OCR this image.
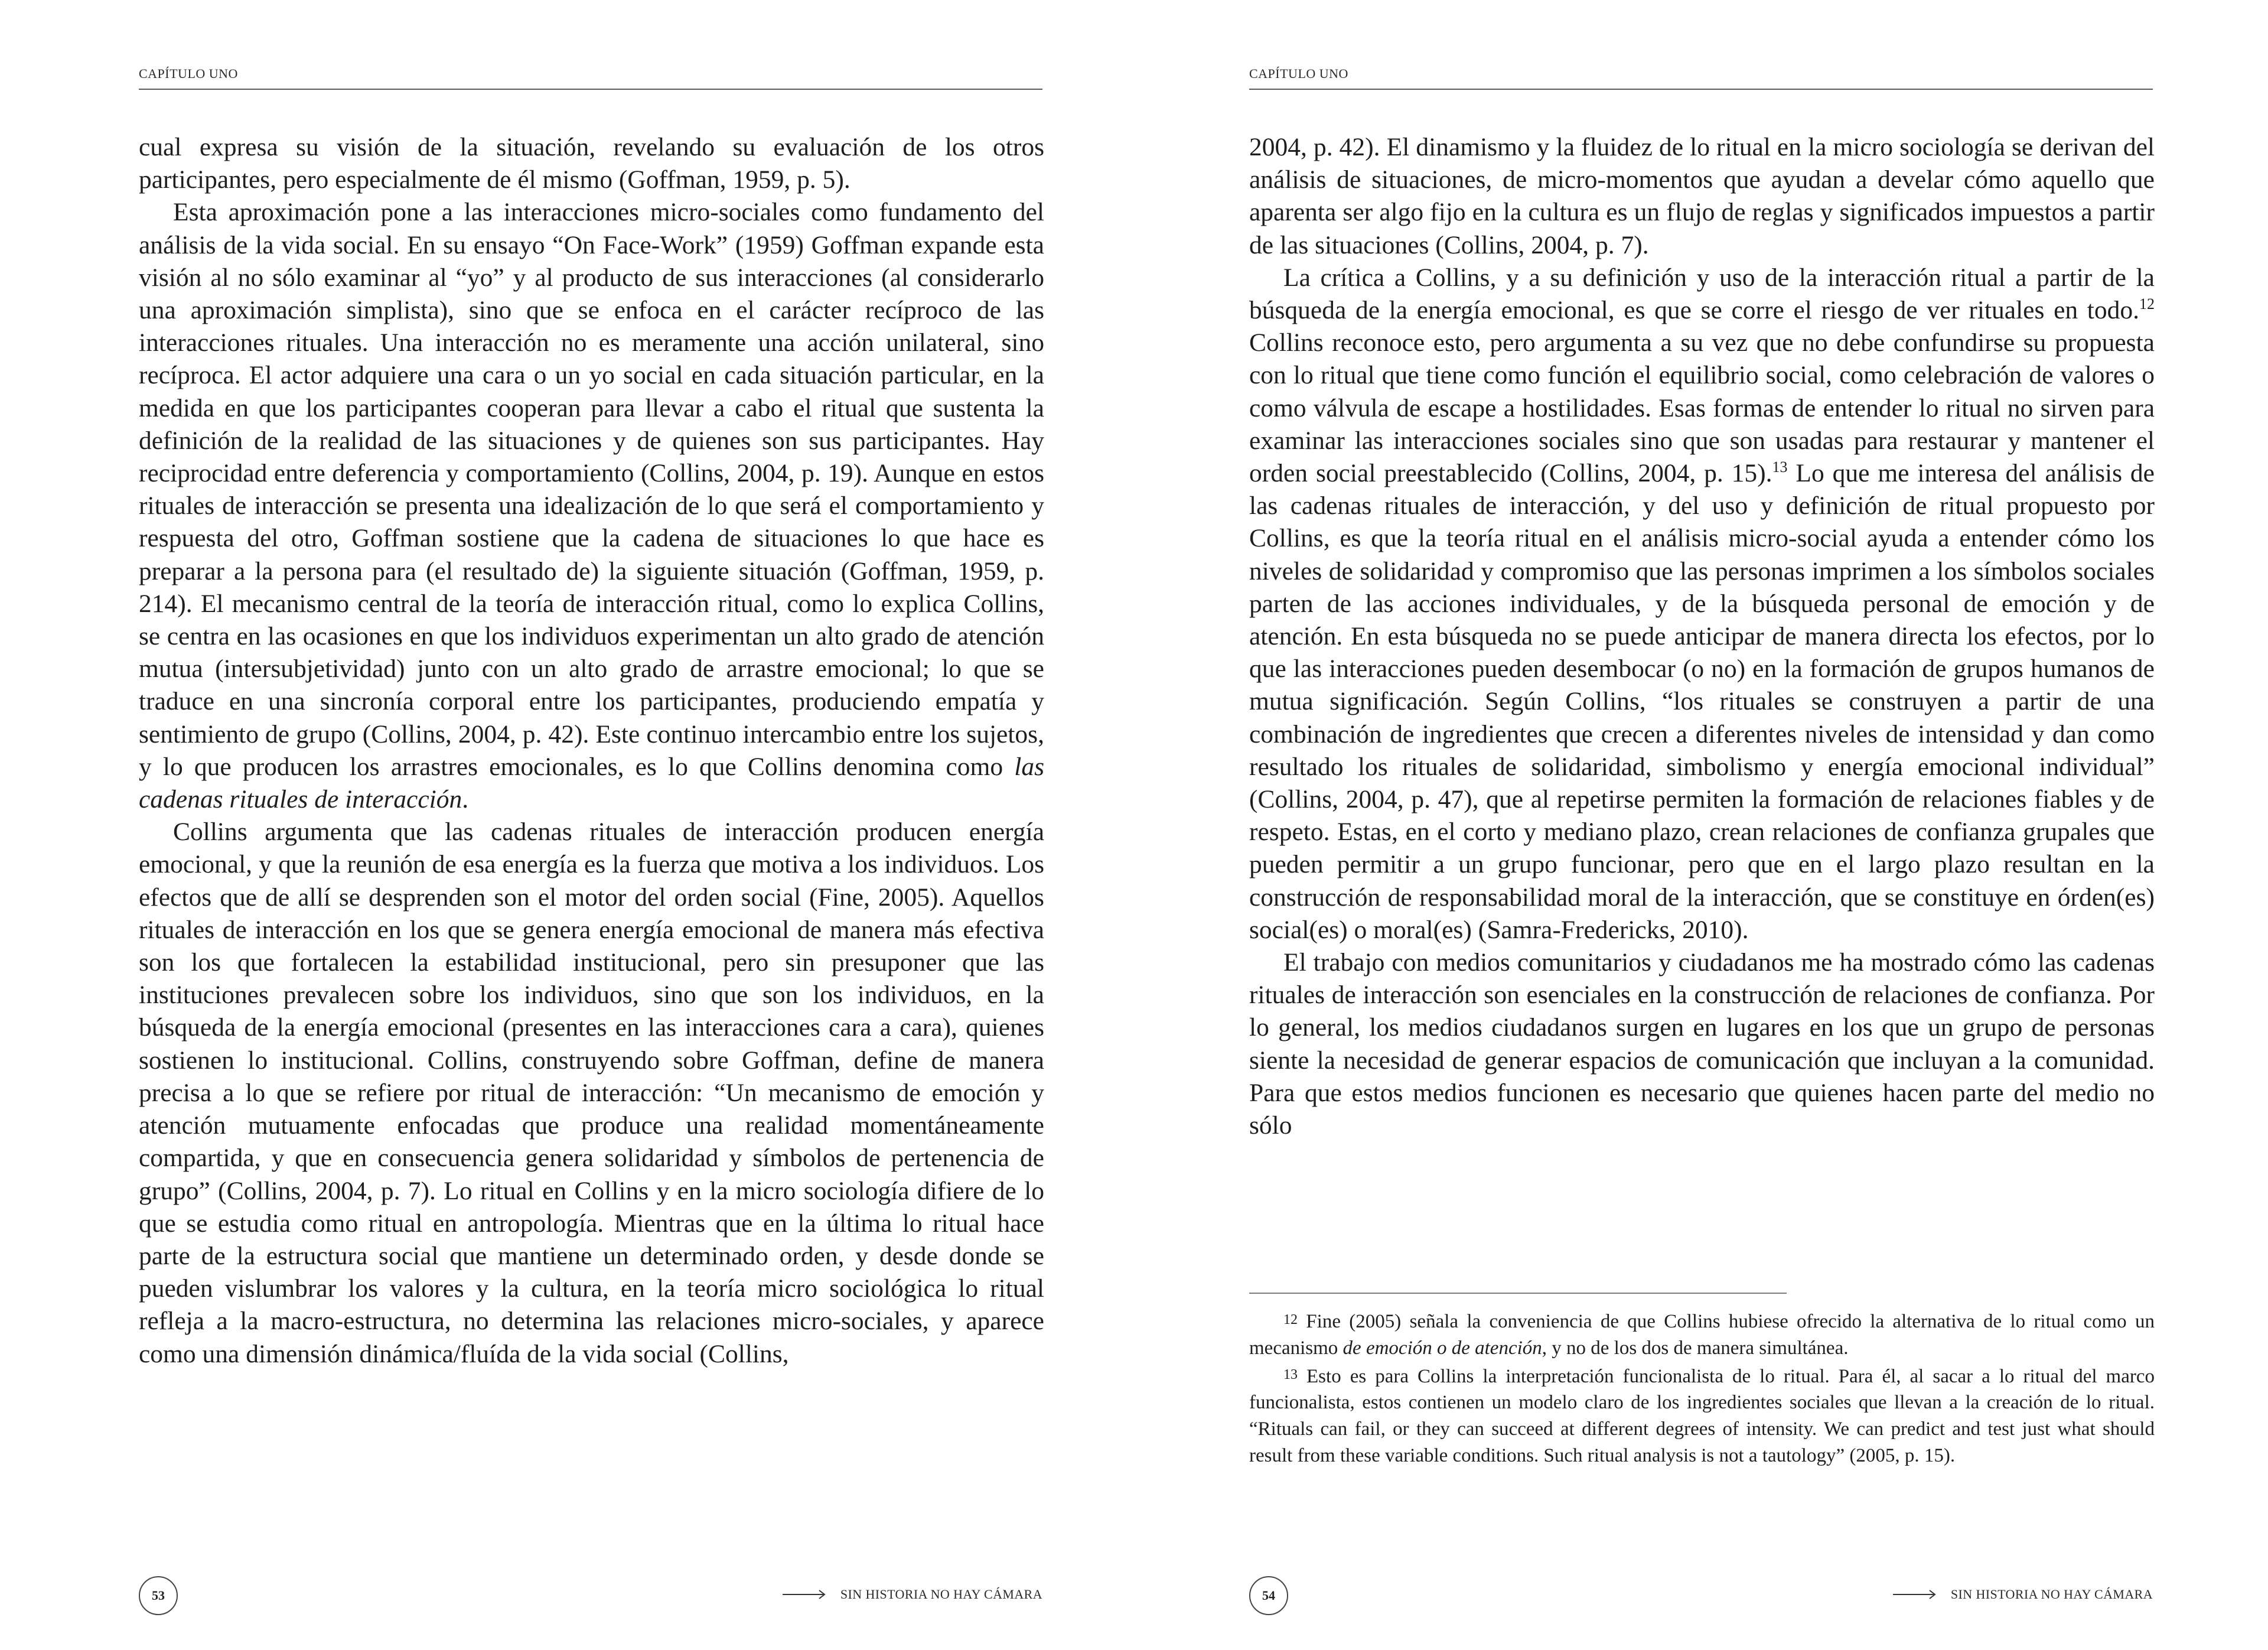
CAPÍTULO UNO

cual expresa su visión de la situación, revelando su evaluación de los otros participantes, pero especialmente de él mismo (Goffman, 1959, p. 5).

Esta aproximación pone a las interacciones micro-sociales como fundamento del análisis de la vida social. En su ensayo “On Face-Work” (1959) Goffman expande esta visión al no sólo examinar al “yo” y al producto de sus interacciones (al considerarlo una aproximación simplista), sino que se enfoca en el carácter recíproco de las interacciones rituales. Una interacción no es meramente una acción unilateral, sino recíproca. El actor adquiere una cara o un yo social en cada situación particular, en la medida en que los participantes cooperan para llevar a cabo el ritual que sustenta la definición de la realidad de las situaciones y de quienes son sus participantes. Hay reciprocidad entre deferencia y comportamiento (Collins, 2004, p. 19). Aunque en estos rituales de interacción se presenta una idealización de lo que será el comportamiento y respuesta del otro, Goffman sostiene que la cadena de situaciones lo que hace es preparar a la persona para (el resultado de) la siguiente situación (Goffman, 1959, p. 214). El mecanismo central de la teoría de interacción ritual, como lo explica Collins, se centra en las ocasiones en que los individuos experimentan un alto grado de atención mutua (intersubjetividad) junto con un alto grado de arrastre emocional; lo que se traduce en una sincronía corporal entre los participantes, produciendo empatía y sentimiento de grupo (Collins, 2004, p. 42). Este continuo intercambio entre los sujetos, y lo que producen los arrastres emocionales, es lo que Collins denomina como las cadenas rituales de interacción.

Collins argumenta que las cadenas rituales de interacción producen energía emocional, y que la reunión de esa energía es la fuerza que motiva a los individuos. Los efectos que de allí se desprenden son el motor del orden social (Fine, 2005). Aquellos rituales de interacción en los que se genera energía emocional de manera más efectiva son los que fortalecen la estabilidad institucional, pero sin presuponer que las instituciones prevalecen sobre los individuos, sino que son los individuos, en la búsqueda de la energía emocional (presentes en las interacciones cara a cara), quienes sostienen lo institucional. Collins, construyendo sobre Goffman, define de manera precisa a lo que se refiere por ritual de interacción: “Un mecanismo de emoción y atención mutuamente enfocadas que produce una realidad momentáneamente compartida, y que en consecuencia genera solidaridad y símbolos de pertenencia de grupo” (Collins, 2004, p. 7). Lo ritual en Collins y en la micro sociología difiere de lo que se estudia como ritual en antropología. Mientras que en la última lo ritual hace parte de la estructura social que mantiene un determinado orden, y desde donde se pueden vislumbrar los valores y la cultura, en la teoría micro sociológica lo ritual refleja a la macro-estructura, no determina las relaciones micro-sociales, y aparece como una dimensión dinámica/fluída de la vida social (Collins,

53	SIN HISTORIA NO HAY CÁMARA
CAPÍTULO UNO

2004, p. 42). El dinamismo y la fluidez de lo ritual en la micro sociología se derivan del análisis de situaciones, de micro-momentos que ayudan a develar cómo aquello que aparenta ser algo fijo en la cultura es un flujo de reglas y significados impuestos a partir de las situaciones (Collins, 2004, p. 7).

La crítica a Collins, y a su definición y uso de la interacción ritual a partir de la búsqueda de la energía emocional, es que se corre el riesgo de ver rituales en todo.$^{12}$ Collins reconoce esto, pero argumenta a su vez que no debe confundirse su propuesta con lo ritual que tiene como función el equilibrio social, como celebración de valores o como válvula de escape a hostilidades. Esas formas de entender lo ritual no sirven para examinar las interacciones sociales sino que son usadas para restaurar y mantener el orden social preestablecido (Collins, 2004, p. 15).$^{13}$ Lo que me interesa del análisis de las cadenas rituales de interacción, y del uso y definición de ritual propuesto por Collins, es que la teoría ritual en el análisis micro-social ayuda a entender cómo los niveles de solidaridad y compromiso que las personas imprimen a los símbolos sociales parten de las acciones individuales, y de la búsqueda personal de emoción y de atención. En esta búsqueda no se puede anticipar de manera directa los efectos, por lo que las interacciones pueden desembocar (o no) en la formación de grupos humanos de mutua significación. Según Collins, “los rituales se construyen a partir de una combinación de ingredientes que crecen a diferentes niveles de intensidad y dan como resultado los rituales de solidaridad, simbolismo y energía emocional individual” (Collins, 2004, p. 47), que al repetirse permiten la formación de relaciones fiables y de respeto. Estas, en el corto y mediano plazo, crean relaciones de confianza grupales que pueden permitir a un grupo funcionar, pero que en el largo plazo resultan en la construcción de responsabilidad moral de la interacción, que se constituye en órden(es) social(es) o moral(es) (Samra-Fredericks, 2010).

El trabajo con medios comunitarios y ciudadanos me ha mostrado cómo las cadenas rituales de interacción son esenciales en la construcción de relaciones de confianza. Por lo general, los medios ciudadanos surgen en lugares en los que un grupo de personas siente la necesidad de generar espacios de comunicación que incluyan a la comunidad. Para que estos medios funcionen es necesario que quienes hacen parte del medio no sólo

12 Fine (2005) señala la conveniencia de que Collins hubiese ofrecido la alternativa de lo ritual como un mecanismo de emoción o de atención, y no de los dos de manera simultánea.

13 Esto es para Collins la interpretación funcionalista de lo ritual. Para él, al sacar a lo ritual del marco funcionalista, estos contienen un modelo claro de los ingredientes sociales que llevan a la creación de lo ritual. “Rituals can fail, or they can succeed at different degrees of intensity. We can predict and test just what should result from these variable conditions. Such ritual analysis is not a tautology” (2005, p. 15).

54	SIN HISTORIA NO HAY CÁMARA
